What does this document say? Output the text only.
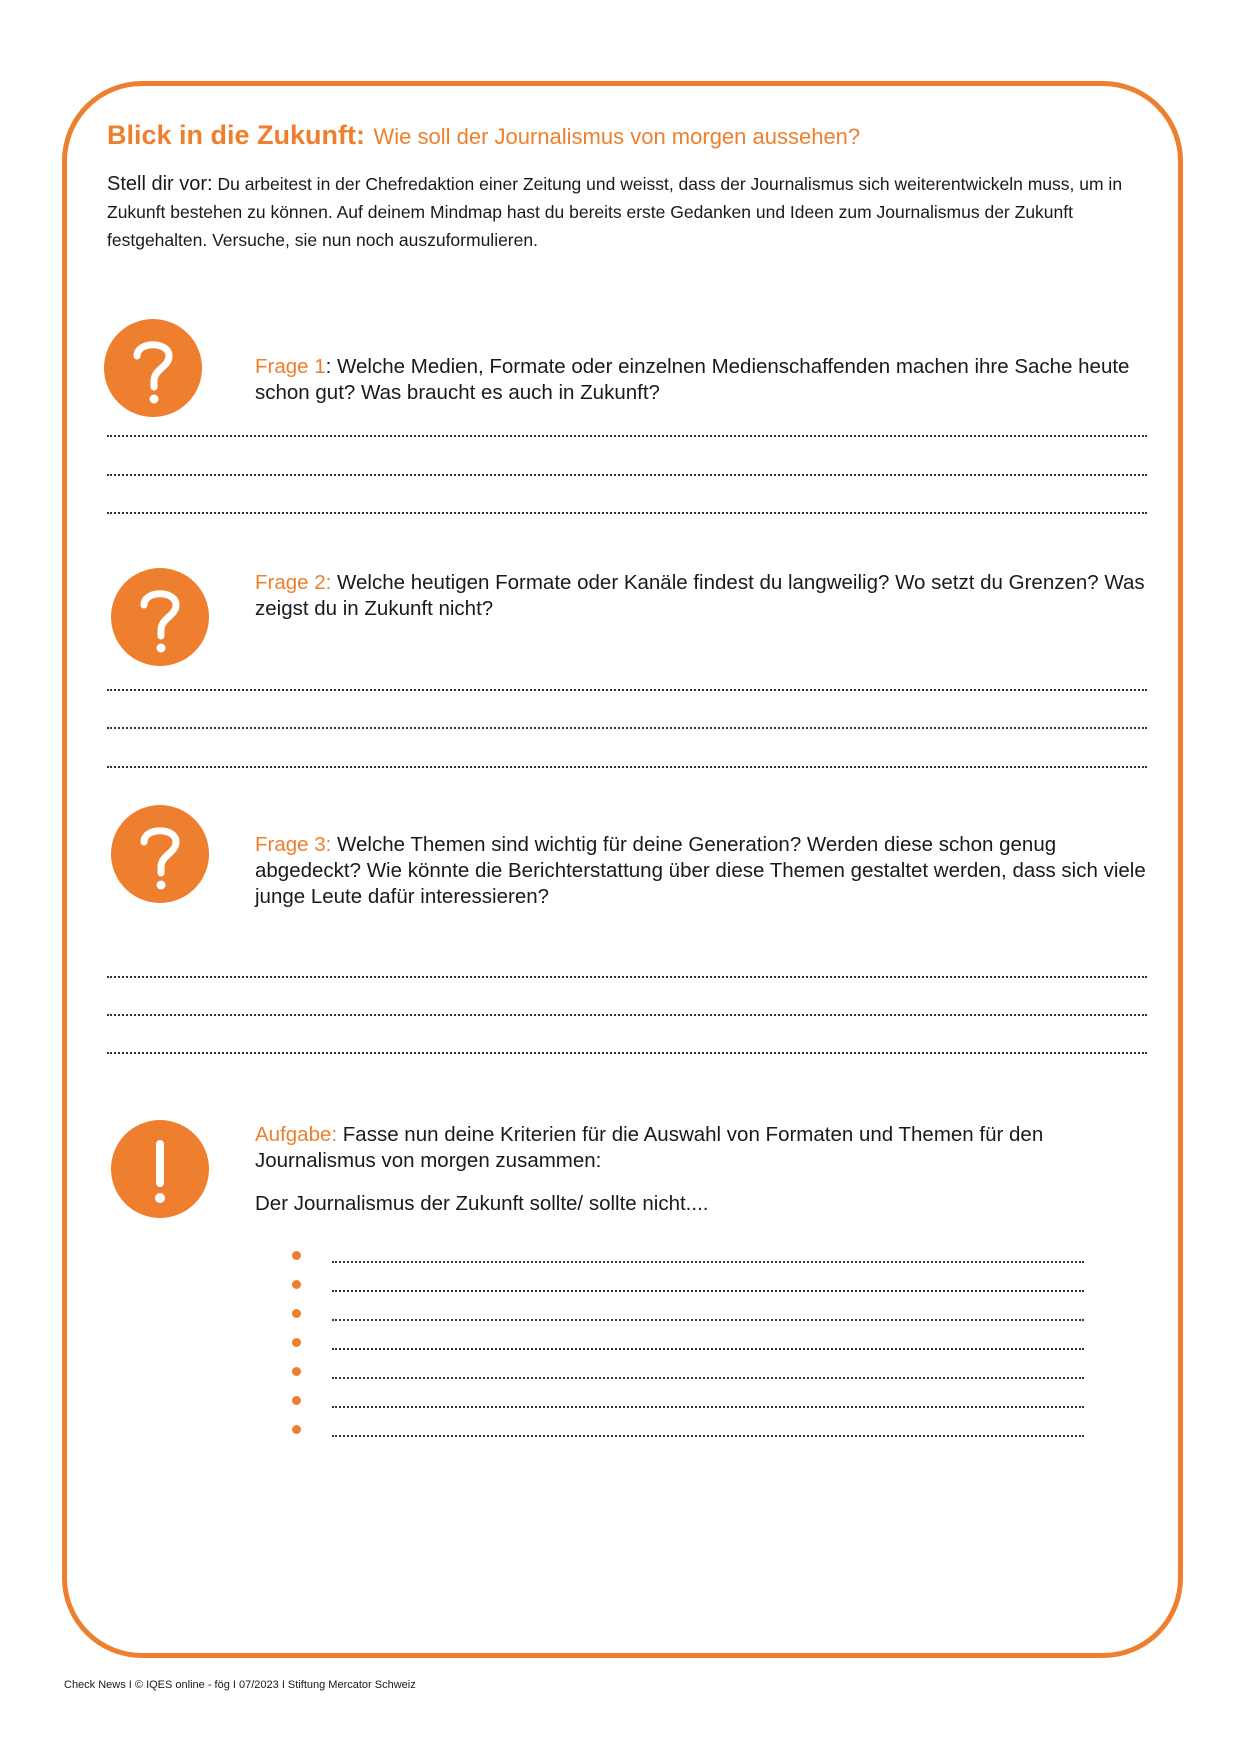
Blick in die Zukunft: Wie soll der Journalismus von morgen aussehen?
Stell dir vor: Du arbeitest in der Chefredaktion einer Zeitung und weisst, dass der Journalismus sich weiterentwickeln muss, um in Zukunft bestehen zu können. Auf deinem Mindmap hast du bereits erste Gedanken und Ideen zum Journalismus der Zukunft festgehalten. Versuche, sie nun noch auszuformulieren.
Frage 1: Welche Medien, Formate oder einzelnen Medienschaffenden machen ihre Sache heute schon gut? Was braucht es auch in Zukunft?
Frage 2: Welche heutigen Formate oder Kanäle findest du langweilig? Wo setzt du Grenzen? Was zeigst du in Zukunft nicht?
Frage 3: Welche Themen sind wichtig für deine Generation? Werden diese schon genug abgedeckt? Wie könnte die Berichterstattung über diese Themen gestaltet werden, dass sich viele junge Leute dafür interessieren?
Aufgabe: Fasse nun deine Kriterien für die Auswahl von Formaten und Themen für den Journalismus von morgen zusammen:
Der Journalismus der Zukunft sollte/ sollte nicht....
Check News I © IQES online - fög I 07/2023 I Stiftung Mercator Schweiz
